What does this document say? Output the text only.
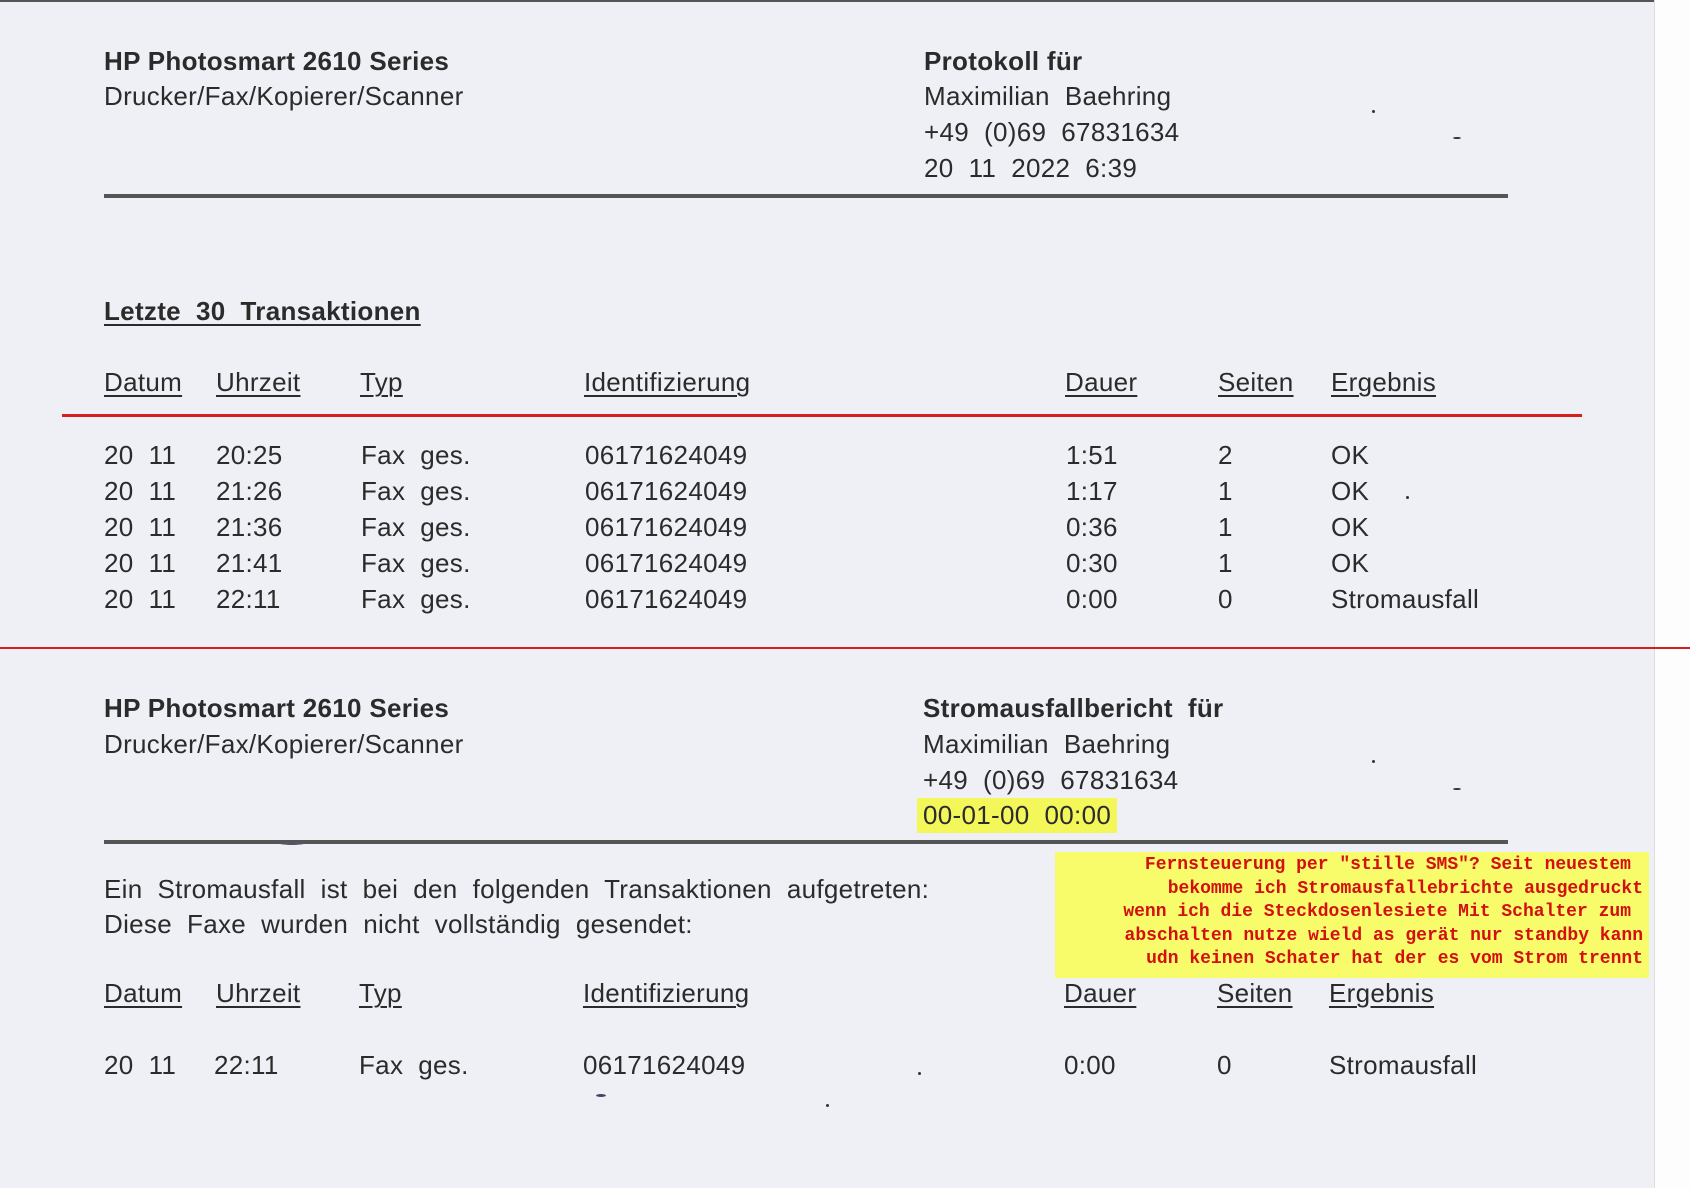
HP Photosmart 2610 Series
Drucker/Fax/Kopierer/Scanner
Protokoll für
Maximilian  Baehring
+49  (0)69  67831634
20  11  2022  6:39
Letzte  30  Transaktionen
Datum Uhrzeit Typ	Identifizierung	Dauer	Seiten Ergebnis
20  11 20:25	Fax  ges.	06171624049	1:51	2	OK
20  11 21:26	Fax  ges.	06171624049	1:17	1	OK
20  11 21:36	Fax  ges.	06171624049	0:36	1	OK
20  11 21:41	Fax  ges.	06171624049	0:30	1	OK
20  11 22:11	Fax  ges.	06171624049	0:00	0	Stromausfall
HP Photosmart 2610 Series
Drucker/Fax/Kopierer/Scanner
Stromausfallbericht  für
Maximilian  Baehring
+49  (0)69  67831634
00-01-00  00:00
Ein  Stromausfall  ist  bei  den  folgenden  Transaktionen  aufgetreten:
Diese  Faxe  wurden  nicht  vollständig  gesendet:
Datum Uhrzeit Typ	Identifizierung	Dauer	Seiten Ergebnis
20  11 22:11	Fax  ges.	06171624049	0:00	0	Stromausfall
Fernsteuerung per "stille SMS"? Seit neuestem
bekomme ich Stromausfallebrichte ausgedruckt
wenn ich die Steckdosenlesiete Mit Schalter zum
abschalten nutze wield as gerät nur standby kann
udn keinen Schater hat der es vom Strom trennt
